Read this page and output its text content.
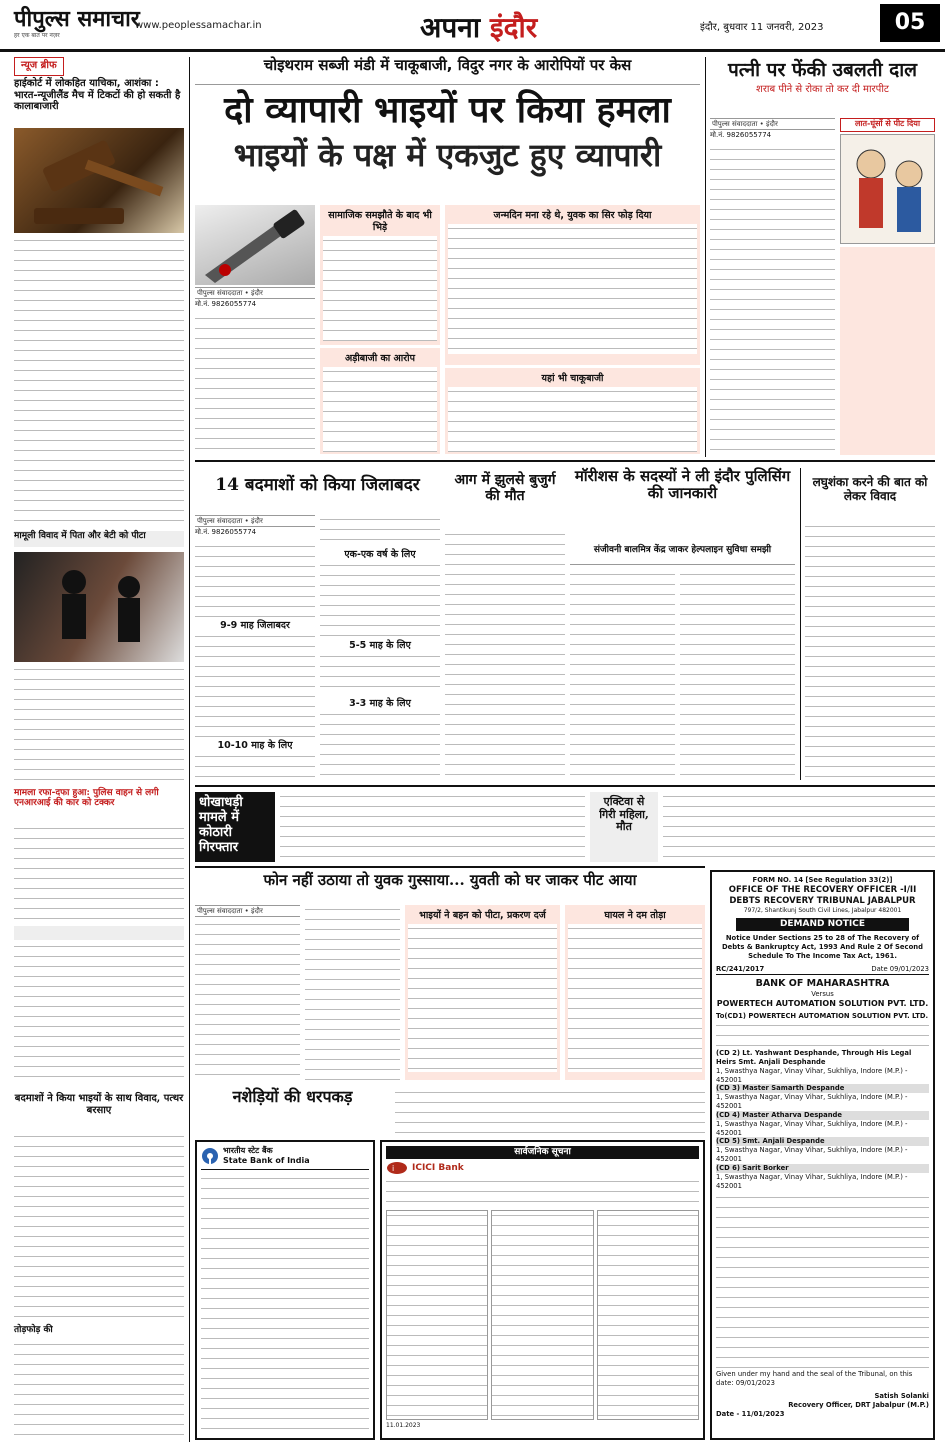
पीपुल्स समाचार
हर एक बात पर नज़र
www.peoplessamachar.in	अपना इंदौर	इंदौर, बुधवार 11 जनवरी, 2023	05
न्यूज ब्रीफ
हाईकोर्ट में लोकहित याचिका, आशंका : भारत-न्यूजीलैंड मैच में टिकटों की हो सकती है कालाबाजारी
मामूली विवाद में पिता और बेटी को पीटा
मामला रफा-दफा हुआ: पुलिस वाहन से लगी एनआरआई की कार को टक्कर
बदमाशों ने किया भाइयों के साथ विवाद, पत्थर बरसाए
तोड़फोड़ की
चोइथराम सब्जी मंडी में चाकूबाजी, विदुर नगर के आरोपियों पर केस
दो व्यापारी भाइयों पर किया हमला
भाइयों के पक्ष में एकजुट हुए व्यापारी
पीपुल्स संवाददाता • इंदौर
मो.नं. 9826055774
सामाजिक समझौते के बाद भी भिड़े
अड़ीबाजी का आरोप
जन्मदिन मना रहे थे, युवक का सिर फोड़ दिया
यहां भी चाकूबाजी
पत्नी पर फेंकी उबलती दाल
शराब पीने से रोका तो कर दी मारपीट
पीपुल्स संवाददाता • इंदौर
मो.नं. 9826055774
लात-घूंसों से पीट दिया
14 बदमाशों को किया जिलाबदर
पीपुल्स संवाददाता • इंदौर
मो.नं. 9826055774
9-9 माह जिलाबदर
10-10 माह के लिए
एक-एक वर्ष के लिए
5-5 माह के लिए
3-3 माह के लिए
आग में झुलसे बुजुर्ग की मौत
मॉरीशस के सदस्यों ने ली इंदौर पुलिसिंग की जानकारी
संजीवनी बालमित्र केंद्र जाकर हेल्पलाइन सुविधा समझी
लघुशंका करने की बात को लेकर विवाद
धोखाधड़ी मामले में कोठारी गिरफ्तार
एक्टिवा से गिरी महिला, मौत
फोन नहीं उठाया तो युवक गुस्साया... युवती को घर जाकर पीट आया
पीपुल्स संवाददाता • इंदौर	भाइयों ने बहन को पीटा, प्रकरण दर्ज	घायल ने दम तोड़ा
नशेड़ियों की धरपकड़
भारतीय स्टेट बैंक
State Bank of India
सार्वजनिक सूचना
i ICICI Bank
11.01.2023
FORM NO. 14 [See Regulation 33(2)]
OFFICE OF THE RECOVERY OFFICER -I/II
DEBTS RECOVERY TRIBUNAL JABALPUR
797/2, Shantikunj South Civil Lines, Jabalpur 482001
DEMAND NOTICE
Notice Under Sections 25 to 28 of The Recovery of Debts & Bankruptcy Act, 1993 And Rule 2 Of Second Schedule To The Income Tax Act, 1961.
RC/241/2017	Date 09/01/2023
BANK OF MAHARASHTRA
Versus
POWERTECH AUTOMATION SOLUTION PVT. LTD.
To(CD1) POWERTECH AUTOMATION SOLUTION PVT. LTD.
(CD 2) Lt. Yashwant Desphande, Through His Legal Heirs Smt. Anjali Desphande
1, Swasthya Nagar, Vinay Vihar, Sukhliya, Indore (M.P.) - 452001
(CD 3) Master Samarth Despande
1, Swasthya Nagar, Vinay Vihar, Sukhliya, Indore (M.P.) - 452001
(CD 4) Master Atharva Despande
1, Swasthya Nagar, Vinay Vihar, Sukhliya, Indore (M.P.) - 452001
(CD 5) Smt. Anjali Despande
1, Swasthya Nagar, Vinay Vihar, Sukhliya, Indore (M.P.) - 452001
(CD 6) Sarit Borker
1, Swasthya Nagar, Vinay Vihar, Sukhliya, Indore (M.P.) - 452001
Given under my hand and the seal of the Tribunal, on this date: 09/01/2023
Satish Solanki
Recovery Officer, DRT Jabalpur (M.P.)
Date - 11/01/2023
